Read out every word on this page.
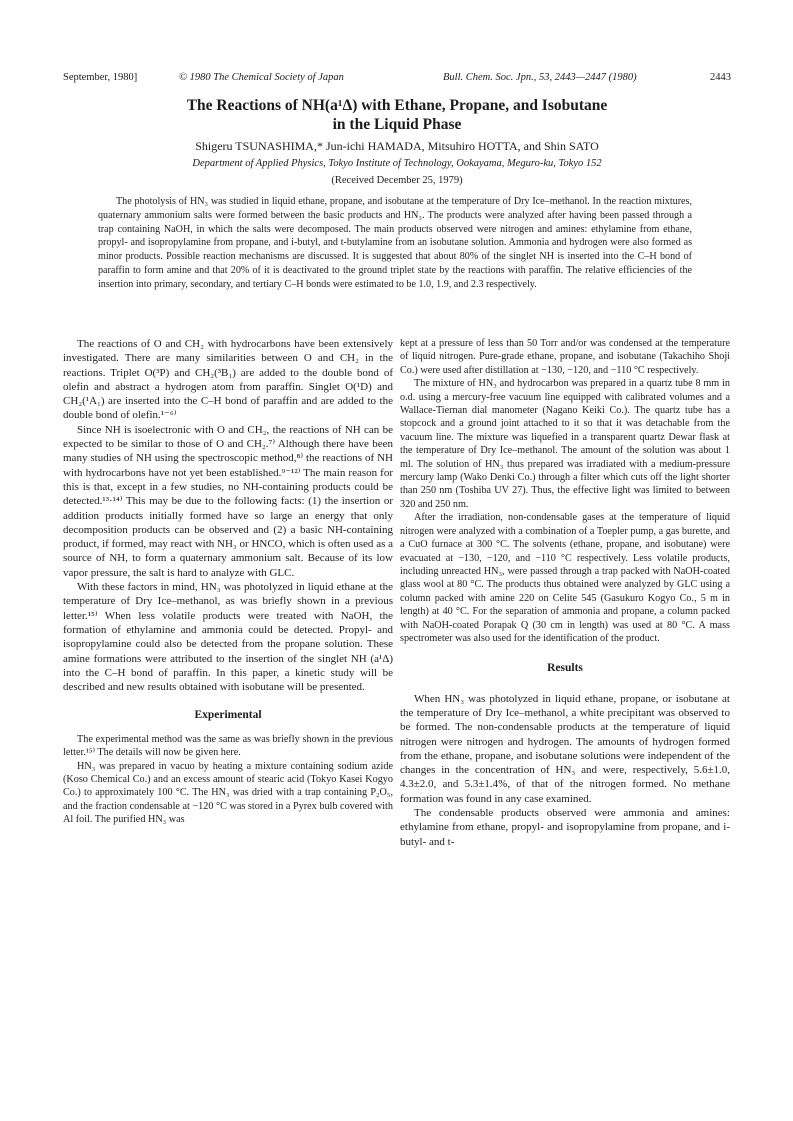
September, 1980]	© 1980 The Chemical Society of Japan	Bull. Chem. Soc. Jpn., 53, 2443—2447 (1980)	2443
The Reactions of NH(a¹Δ) with Ethane, Propane, and Isobutane
in the Liquid Phase
Shigeru TSUNASHIMA,* Jun-ichi HAMADA, Mitsuhiro HOTTA, and Shin SATO
Department of Applied Physics, Tokyo Institute of Technology, Ookayama, Meguro-ku, Tokyo 152
(Received December 25, 1979)
The photolysis of HN₃ was studied in liquid ethane, propane, and isobutane at the temperature of Dry Ice–methanol. In the reaction mixtures, quaternary ammonium salts were formed between the basic products and HN₃. The products were analyzed after having been passed through a trap containing NaOH, in which the salts were decomposed. The main products observed were nitrogen and amines: ethylamine from ethane, propyl- and isopropylamine from propane, and i-butyl, and t-butylamine from an isobutane solution. Ammonia and hydrogen were also formed as minor products. Possible reaction mechanisms are discussed. It is suggested that about 80% of the singlet NH is inserted into the C–H bond of paraffin to form amine and that 20% of it is deactivated to the ground triplet state by the reactions with paraffin. The relative efficiencies of the insertion into primary, secondary, and tertiary C–H bonds were estimated to be 1.0, 1.9, and 2.3 respectively.

The reactions of O and CH₂ with hydrocarbons have been extensively investigated. There are many similarities between O and CH₂ in the reactions. Triplet O(³P) and CH₂(³B₁) are added to the double bond of olefin and abstract a hydrogen atom from paraffin. Singlet O(¹D) and CH₂(¹A₁) are inserted into the C–H bond of paraffin and are added to the double bond of olefin.¹⁻⁶⁾

Since NH is isoelectronic with O and CH₂, the reactions of NH can be expected to be similar to those of O and CH₂.⁷⁾ Although there have been many studies of NH using the spectroscopic method,⁸⁾ the reactions of NH with hydrocarbons have not yet been established.⁹⁻¹²⁾ The main reason for this is that, except in a few studies, no NH-containing products could be detected.¹³·¹⁴⁾ This may be due to the following facts: (1) the insertion or addition products initially formed have so large an energy that only decomposition products can be observed and (2) a basic NH-containing product, if formed, may react with NH₃ or HNCO, which is often used as a source of NH, to form a quaternary ammonium salt. Because of its low vapor pressure, the salt is hard to analyze with GLC.

With these factors in mind, HN₃ was photolyzed in liquid ethane at the temperature of Dry Ice–methanol, as was briefly shown in a previous letter.¹⁵⁾ When less volatile products were treated with NaOH, the formation of ethylamine and ammonia could be detected. Propyl- and isopropylamine could also be detected from the propane solution. These amine formations were attributed to the insertion of the singlet NH (a¹Δ) into the C–H bond of paraffin. In this paper, a kinetic study will be described and new results obtained with isobutane will be presented.

Experimental

The experimental method was the same as was briefly shown in the previous letter.¹⁵⁾ The details will now be given here.

HN₃ was prepared in vacuo by heating a mixture containing sodium azide (Koso Chemical Co.) and an excess amount of stearic acid (Tokyo Kasei Kogyo Co.) to approximately 100 °C. The HN₃ was dried with a trap containing P₂O₅, and the fraction condensable at −120 °C was stored in a Pyrex bulb covered with Al foil. The purified HN₃ was

kept at a pressure of less than 50 Torr and/or was condensed at the temperature of liquid nitrogen. Pure-grade ethane, propane, and isobutane (Takachiho Shoji Co.) were used after distillation at −130, −120, and −110 °C respectively.

The mixture of HN₃ and hydrocarbon was prepared in a quartz tube 8 mm in o.d. using a mercury-free vacuum line equipped with calibrated volumes and a Wallace-Tiernan dial manometer (Nagano Keiki Co.). The quartz tube has a stopcock and a ground joint attached to it so that it was detachable from the vacuum line. The mixture was liquefied in a transparent quartz Dewar flask at the temperature of Dry Ice–methanol. The amount of the solution was about 1 ml. The solution of HN₃ thus prepared was irradiated with a medium-pressure mercury lamp (Wako Denki Co.) through a filter which cuts off the light shorter than 250 nm (Toshiba UV 27). Thus, the effective light was limited to between 320 and 250 nm.

After the irradiation, non-condensable gases at the temperature of liquid nitrogen were analyzed with a combination of a Toepler pump, a gas burette, and a CuO furnace at 300 °C. The solvents (ethane, propane, and isobutane) were evacuated at −130, −120, and −110 °C respectively. Less volatile products, including unreacted HN₃, were passed through a trap packed with NaOH-coated glass wool at 80 °C. The products thus obtained were analyzed by GLC using a column packed with amine 220 on Celite 545 (Gasukuro Kogyo Co., 5 m in length) at 40 °C. For the separation of ammonia and propane, a column packed with NaOH-coated Porapak Q (30 cm in length) was used at 80 °C. A mass spectrometer was also used for the identification of the product.

Results

When HN₃ was photolyzed in liquid ethane, propane, or isobutane at the temperature of Dry Ice–methanol, a white precipitant was observed to be formed. The non-condensable products at the temperature of liquid nitrogen were nitrogen and hydrogen. The amounts of hydrogen formed from the ethane, propane, and isobutane solutions were independent of the changes in the concentration of HN₃ and were, respectively, 5.6±1.0, 4.3±2.0, and 5.3±1.4%, of that of the nitrogen formed. No methane formation was found in any case examined.

The condensable products observed were ammonia and amines: ethylamine from ethane, propyl- and isopropylamine from propane, and i-butyl- and t-
